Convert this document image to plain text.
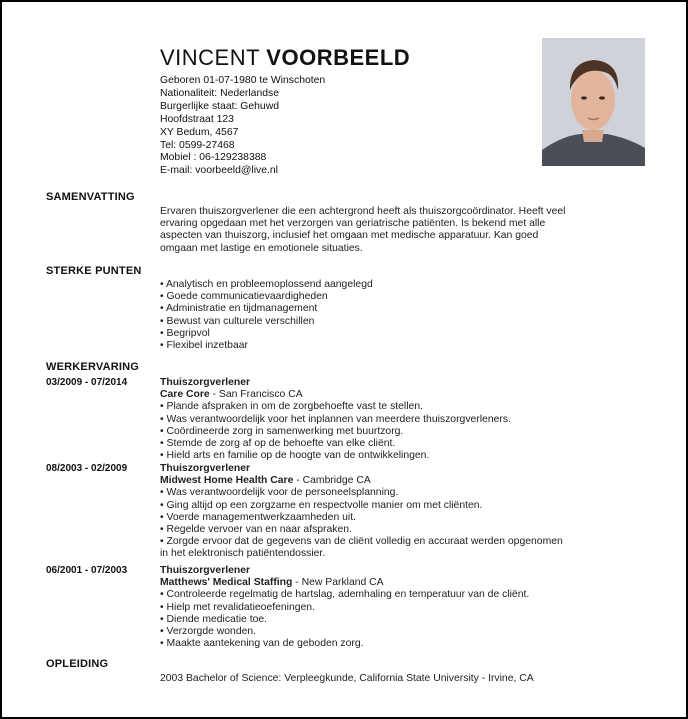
VINCENT VOORBEELD
Geboren 01-07-1980 te Winschoten
Nationaliteit: Nederlandse
Burgerlijke staat: Gehuwd
Hoofdstraat 123
XY Bedum, 4567
Tel: 0599-27468
Mobiel : 06-129238388
E-mail: voorbeeld@live.nl
SAMENVATTING
Ervaren thuiszorgverlener die een achtergrond heeft als thuiszorgcoördinator. Heeft veel
ervaring opgedaan met het verzorgen van geriatrische patiënten. Is bekend met alle
aspecten van thuiszorg, inclusief het omgaan met medische apparatuur. Kan goed
omgaan met lastige en emotionele situaties.
STERKE PUNTEN
• Analytisch en probleemoplossend aangelegd
• Goede communicatievaardigheden
• Administratie en tijdmanagement
• Bewust van culturele verschillen
• Begripvol
• Flexibel inzetbaar
WERKERVARING
03/2009 - 07/2014	Thuiszorgverlener
Care Core - San Francisco CA
• Plande afspraken in om de zorgbehoefte vast te stellen.
• Was verantwoordelijk voor het inplannen van meerdere thuiszorgverleners.
• Coördineerde zorg in samenwerking met buurtzorg.
• Stemde de zorg af op de behoefte van elke cliënt.
• Hield arts en familie op de hoogte van de ontwikkelingen.
08/2003 - 02/2009	Thuiszorgverlener
Midwest Home Health Care - Cambridge CA
• Was verantwoordelijk voor de personeelsplanning.
• Ging altijd op een zorgzame en respectvolle manier om met cliënten.
• Voerde managementwerkzaamheden uit.
• Regelde vervoer van en naar afspraken.
• Zorgde ervoor dat de gegevens van de cliënt volledig en accuraat werden opgenomen
in het elektronisch patiëntendossier.
06/2001 - 07/2003	Thuiszorgverlener
Matthews' Medical Staffing - New Parkland CA
• Controleerde regelmatig de hartslag, ademhaling en temperatuur van de cliënt.
• Hielp met revalidatieoefeningen.
• Diende medicatie toe.
• Verzorgde wonden.
• Maakte aantekening van de geboden zorg.
OPLEIDING
2003 Bachelor of Science: Verpleegkunde, California State University - Irvine, CA
